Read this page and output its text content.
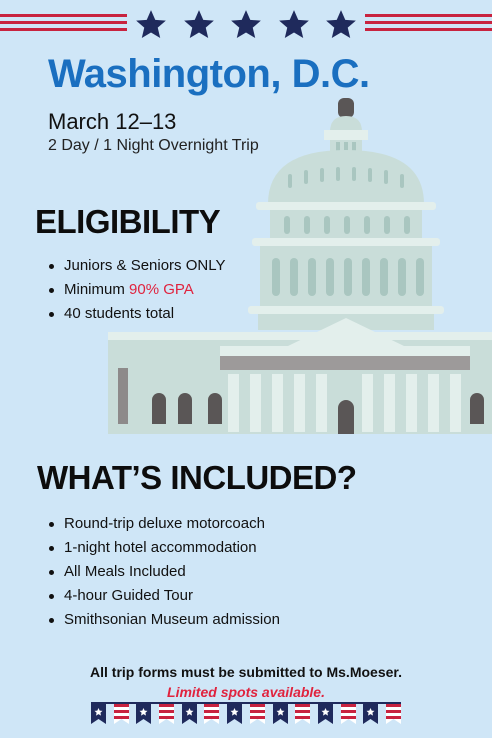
Washington, D.C.
March 12–13
2 Day / 1 Night Overnight Trip
ELIGIBILITY
Juniors & Seniors ONLY
Minimum 90% GPA
40 students total
WHAT’S INCLUDED?
Round-trip deluxe motorcoach
1-night hotel accommodation
All Meals Included
4-hour Guided Tour
Smithsonian Museum admission
All trip forms must be submitted to Ms.Moeser.
Limited spots available.
